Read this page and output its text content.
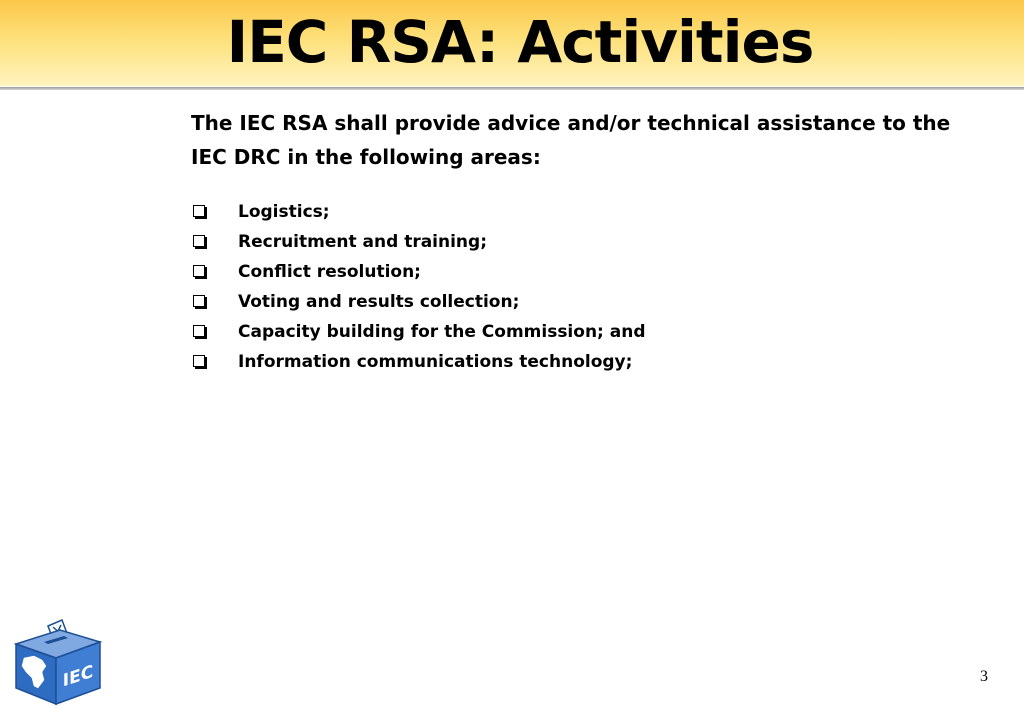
IEC RSA: Activities

The IEC RSA shall provide advice and/or technical assistance to the IEC DRC in the following areas:

Logistics;
Recruitment and training;
Conflict resolution;
Voting and results collection;
Capacity building for the Commission; and
Information communications technology;
IEC	3
